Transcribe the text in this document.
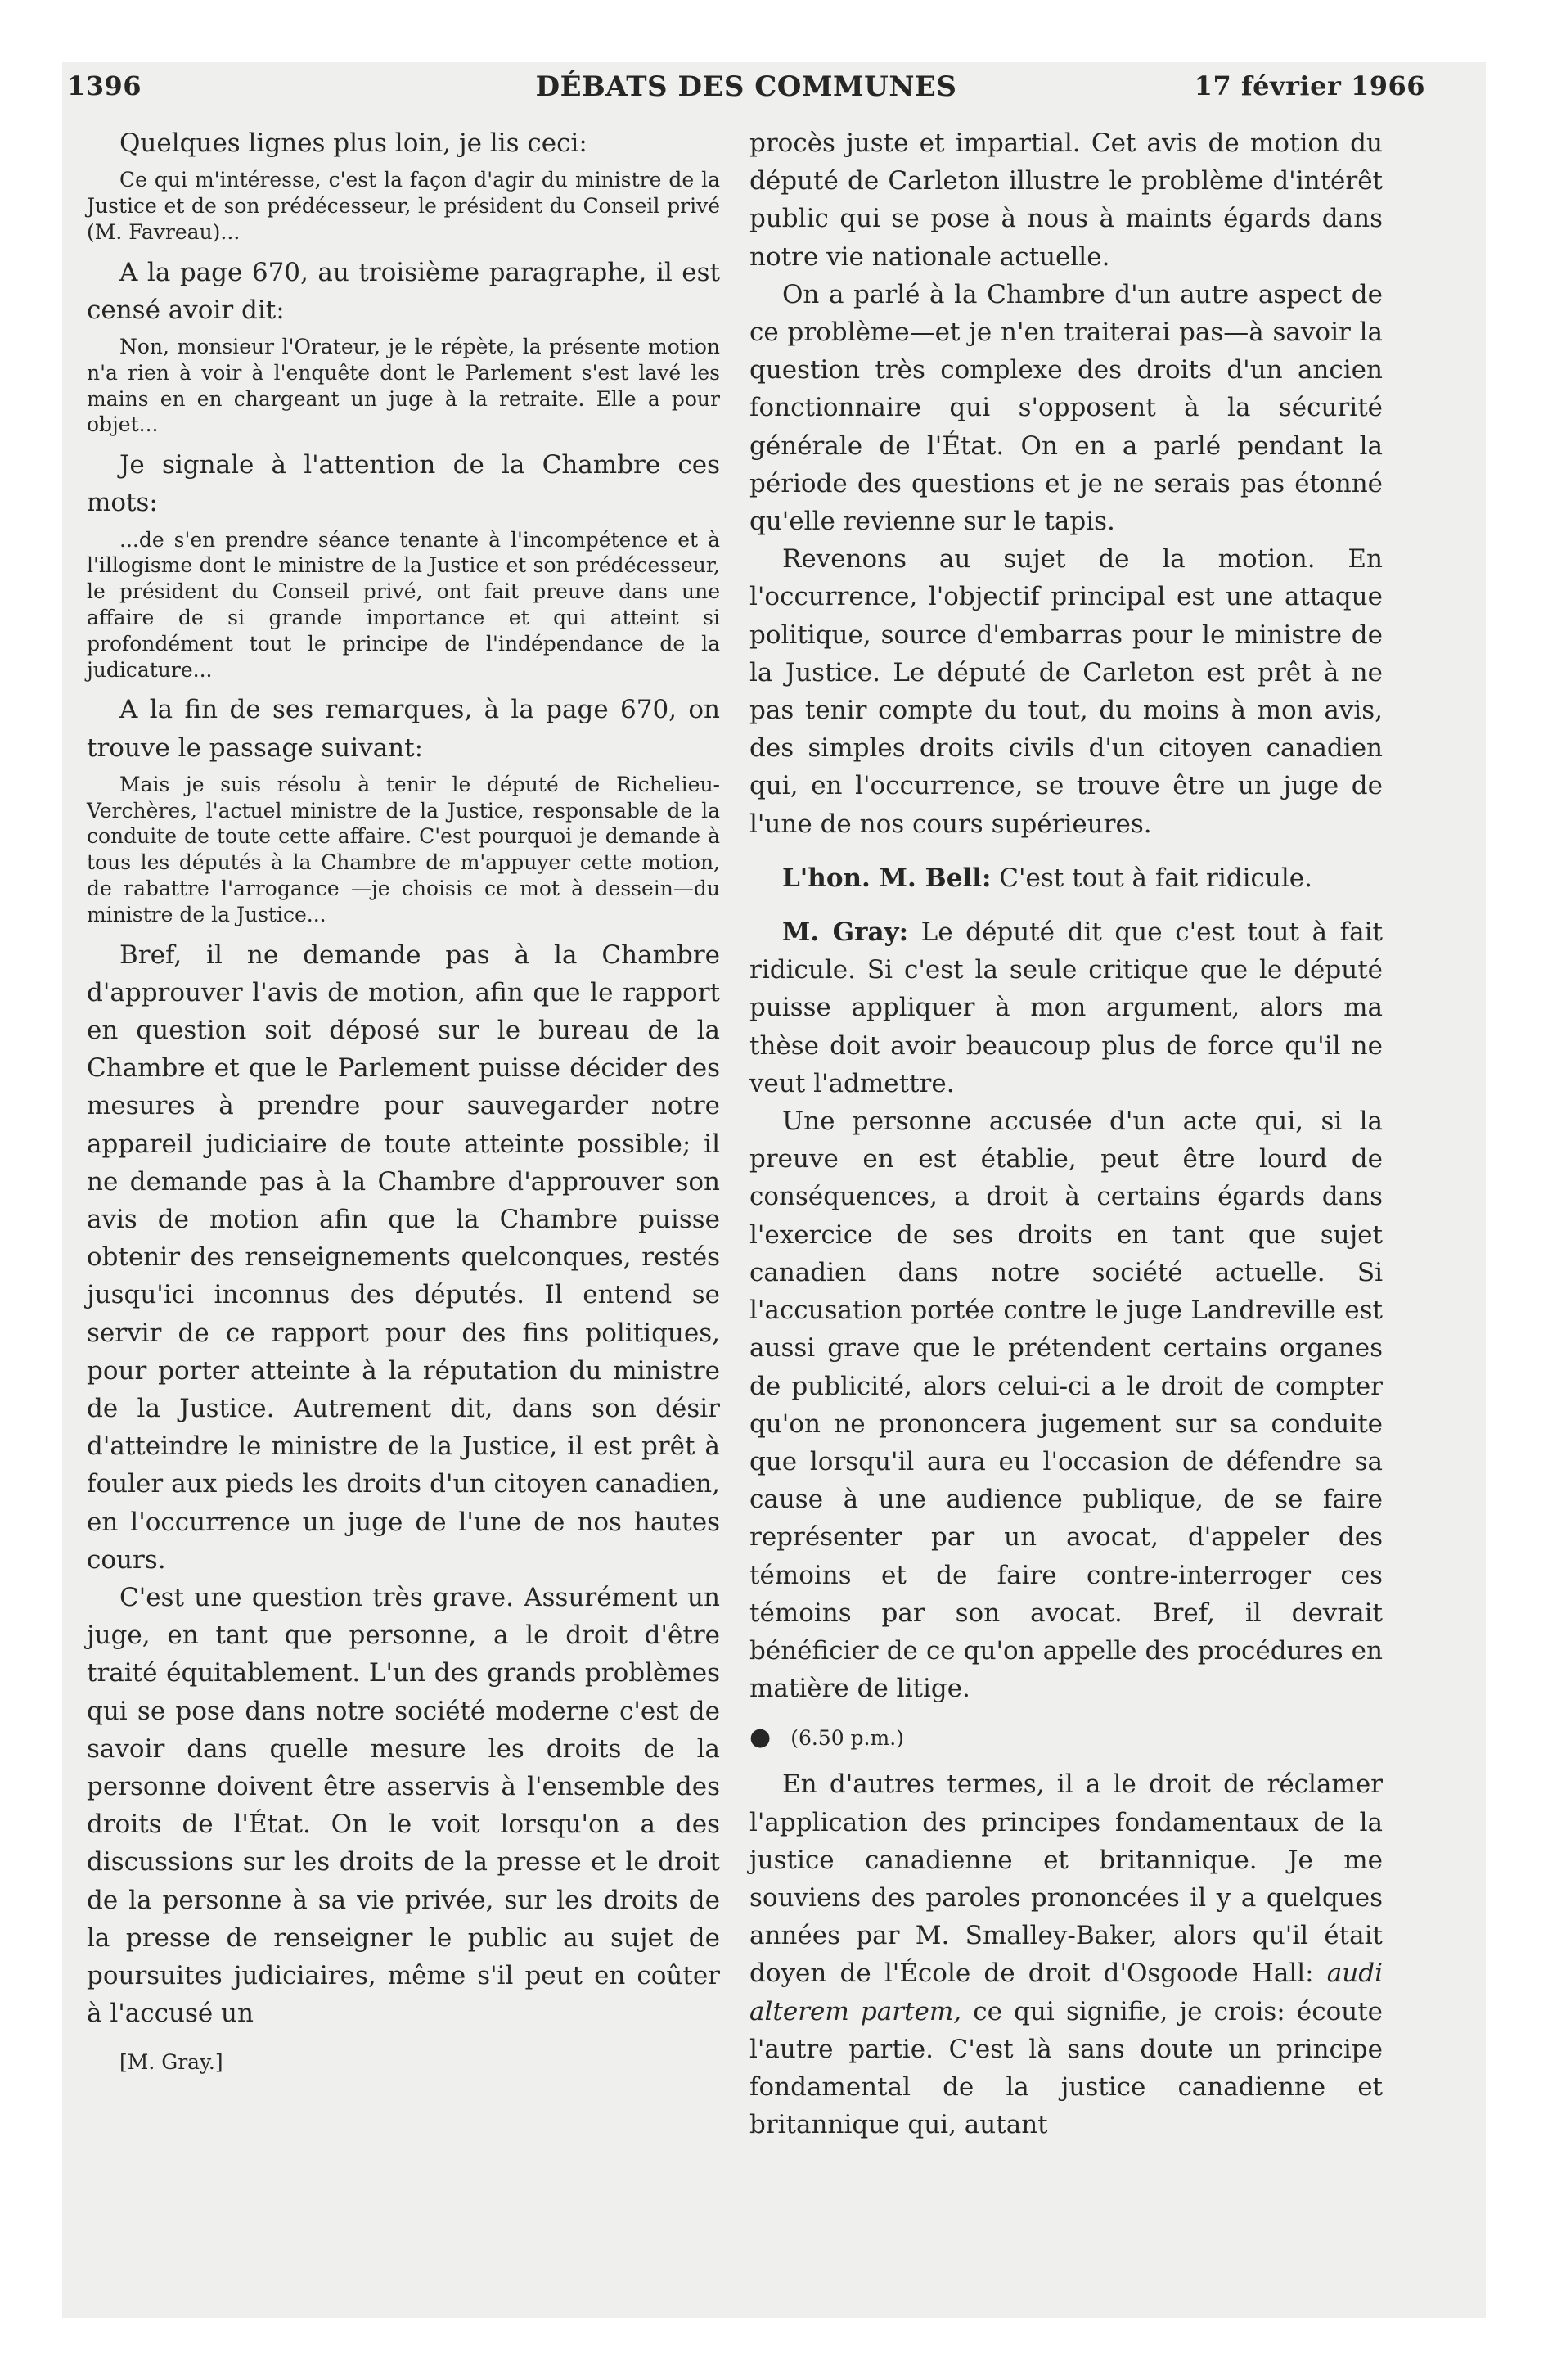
1396	DÉBATS DES COMMUNES	17 février 1966

Quelques lignes plus loin, je lis ceci:

Ce qui m'intéresse, c'est la façon d'agir du ministre de la Justice et de son prédécesseur, le président du Conseil privé (M. Favreau)...

A la page 670, au troisième paragraphe, il est censé avoir dit:

Non, monsieur l'Orateur, je le répète, la présente motion n'a rien à voir à l'enquête dont le Parlement s'est lavé les mains en en chargeant un juge à la retraite. Elle a pour objet...

Je signale à l'attention de la Chambre ces mots:

...de s'en prendre séance tenante à l'incompétence et à l'illogisme dont le ministre de la Justice et son prédécesseur, le président du Conseil privé, ont fait preuve dans une affaire de si grande importance et qui atteint si profondément tout le principe de l'indépendance de la judicature...

A la fin de ses remarques, à la page 670, on trouve le passage suivant:

Mais je suis résolu à tenir le député de Richelieu-Verchères, l'actuel ministre de la Justice, responsable de la conduite de toute cette affaire. C'est pourquoi je demande à tous les députés à la Chambre de m'appuyer cette motion, de rabattre l'arrogance —je choisis ce mot à dessein—du ministre de la Justice...

Bref, il ne demande pas à la Chambre d'approuver l'avis de motion, afin que le rapport en question soit déposé sur le bureau de la Chambre et que le Parlement puisse décider des mesures à prendre pour sauvegarder notre appareil judiciaire de toute atteinte possible; il ne demande pas à la Chambre d'approuver son avis de motion afin que la Chambre puisse obtenir des renseignements quelconques, restés jusqu'ici inconnus des députés. Il entend se servir de ce rapport pour des fins politiques, pour porter atteinte à la réputation du ministre de la Justice. Autrement dit, dans son désir d'atteindre le ministre de la Justice, il est prêt à fouler aux pieds les droits d'un citoyen canadien, en l'occurrence un juge de l'une de nos hautes cours.

C'est une question très grave. Assurément un juge, en tant que personne, a le droit d'être traité équitablement. L'un des grands problèmes qui se pose dans notre société moderne c'est de savoir dans quelle mesure les droits de la personne doivent être asservis à l'ensemble des droits de l'État. On le voit lorsqu'on a des discussions sur les droits de la presse et le droit de la personne à sa vie privée, sur les droits de la presse de renseigner le public au sujet de poursuites judiciaires, même s'il peut en coûter à l'accusé un

[M. Gray.]

procès juste et impartial. Cet avis de motion du député de Carleton illustre le problème d'intérêt public qui se pose à nous à maints égards dans notre vie nationale actuelle.

On a parlé à la Chambre d'un autre aspect de ce problème—et je n'en traiterai pas—à savoir la question très complexe des droits d'un ancien fonctionnaire qui s'opposent à la sécurité générale de l'État. On en a parlé pendant la période des questions et je ne serais pas étonné qu'elle revienne sur le tapis.

Revenons au sujet de la motion. En l'occurrence, l'objectif principal est une attaque politique, source d'embarras pour le ministre de la Justice. Le député de Carleton est prêt à ne pas tenir compte du tout, du moins à mon avis, des simples droits civils d'un citoyen canadien qui, en l'occurrence, se trouve être un juge de l'une de nos cours supérieures.

L'hon. M. Bell: C'est tout à fait ridicule.

M. Gray: Le député dit que c'est tout à fait ridicule. Si c'est la seule critique que le député puisse appliquer à mon argument, alors ma thèse doit avoir beaucoup plus de force qu'il ne veut l'admettre.

Une personne accusée d'un acte qui, si la preuve en est établie, peut être lourd de conséquences, a droit à certains égards dans l'exercice de ses droits en tant que sujet canadien dans notre société actuelle. Si l'accusation portée contre le juge Landreville est aussi grave que le prétendent certains organes de publicité, alors celui-ci a le droit de compter qu'on ne prononcera jugement sur sa conduite que lorsqu'il aura eu l'occasion de défendre sa cause à une audience publique, de se faire représenter par un avocat, d'appeler des témoins et de faire contre-interroger ces témoins par son avocat. Bref, il devrait bénéficier de ce qu'on appelle des procédures en matière de litige.

● (6.50 p.m.)

En d'autres termes, il a le droit de réclamer l'application des principes fondamentaux de la justice canadienne et britannique. Je me souviens des paroles prononcées il y a quelques années par M. Smalley-Baker, alors qu'il était doyen de l'École de droit d'Osgoode Hall: audi alterem partem, ce qui signifie, je crois: écoute l'autre partie. C'est là sans doute un principe fondamental de la justice canadienne et britannique qui, autant
